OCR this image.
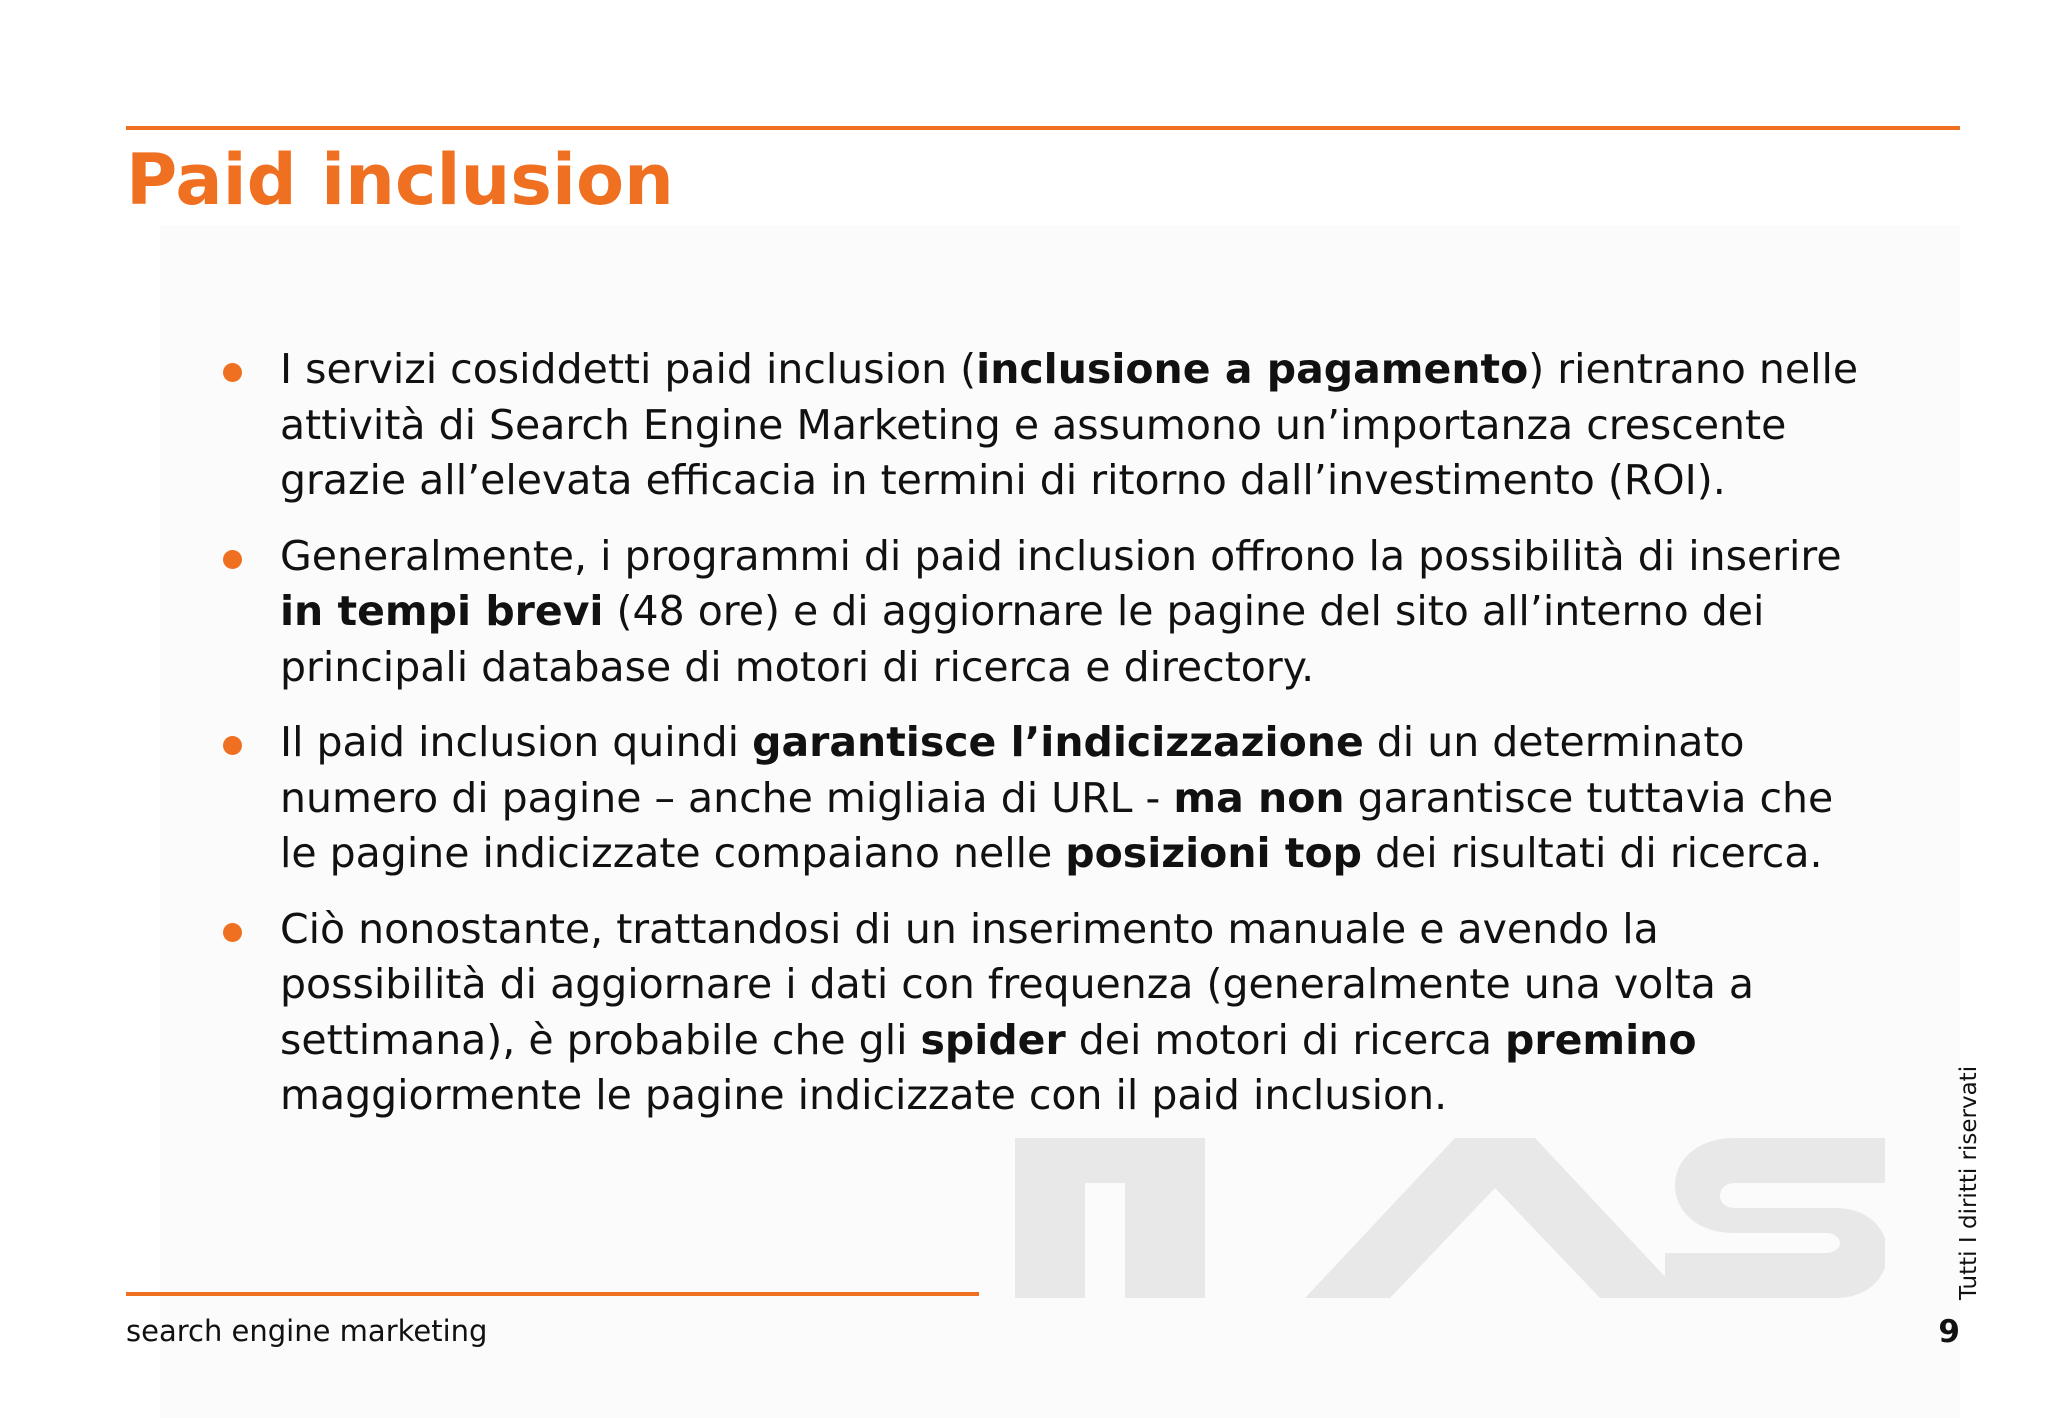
Paid inclusion
I servizi cosiddetti paid inclusion (inclusione a pagamento) rientrano nelle attività di Search Engine Marketing e assumono un’importanza crescente grazie all’elevata efficacia in termini di ritorno dall’investimento (ROI).
Generalmente, i programmi di paid inclusion offrono la possibilità di inserire in tempi brevi (48 ore) e di aggiornare le pagine del sito all’interno dei principali database di motori di ricerca e directory.
Il paid inclusion quindi garantisce l’indicizzazione di un determinato numero di pagine – anche migliaia di URL - ma non garantisce tuttavia che le pagine indicizzate compaiano nelle posizioni top dei risultati di ricerca.
Ciò nonostante, trattandosi di un inserimento manuale e avendo la possibilità di aggiornare i dati con frequenza (generalmente una volta a settimana), è probabile che gli spider dei motori di ricerca premino maggiormente le pagine indicizzate con il paid inclusion.
search engine marketing
Tutti I diritti riservati
9
